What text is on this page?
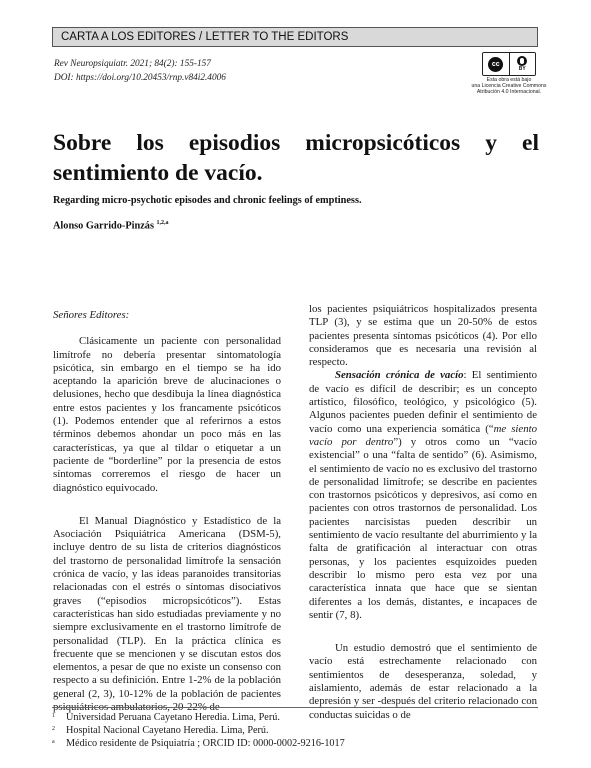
CARTA A LOS EDITORES / LETTER TO THE EDITORS
Rev Neuropsiquiatr. 2021; 84(2): 155-157
DOI: https://doi.org/10.20453/rnp.v84i2.4006
cc
BY
Esta obra está bajo
una Licencia Creative Commons
Atribución 4.0 Internacional.
Sobre los episodios micropsicóticos y el sentimiento de vacío.
Regarding micro-psychotic episodes and chronic feelings of emptiness.
Alonso Garrido-Pinzás $^{1,2,a}$

Señores Editores:

Clásicamente un paciente con personalidad limítrofe no debería presentar sintomatología psicótica, sin embargo en el tiempo se ha ido aceptando la aparición breve de alucinaciones o delusiones, hecho que desdibuja la línea diagnóstica entre estos pacientes y los francamente psicóticos (1). Podemos entender que al referirnos a estos términos debemos ahondar un poco más en las características, ya que al tildar o etiquetar a un paciente de “borderline” por la presencia de estos síntomas correremos el riesgo de hacer un diagnóstico equivocado.

El Manual Diagnóstico y Estadístico de la Asociación Psiquiátrica Americana (DSM-5), incluye dentro de su lista de criterios diagnósticos del trastorno de personalidad limítrofe la sensación crónica de vacío, y las ideas paranoides transitorias relacionadas con el estrés o síntomas disociativos graves (“episodios micropsicóticos”). Estas características han sido estudiadas previamente y no siempre exclusivamente en el trastorno limítrofe de personalidad (TLP). En la práctica clínica es frecuente que se mencionen y se discutan estos dos elementos, a pesar de que no existe un consenso con respecto a su definición. Entre 1-2% de la población general (2, 3), 10-12% de la población de pacientes psiquiátricos ambulatorios, 20-22% de

los pacientes psiquiátricos hospitalizados presenta TLP (3), y se estima que un 20-50% de estos pacientes presenta síntomas psicóticos (4). Por ello consideramos que es necesaria una revisión al respecto.

Sensación crónica de vacío: El sentimiento de vacío es difícil de describir; es un concepto artístico, filosófico, teológico, y psicológico (5). Algunos pacientes pueden definir el sentimiento de vacío como una experiencia somática (“me siento vacío por dentro”) y otros como un “vacío existencial” o una “falta de sentido” (6). Asimismo, el sentimiento de vacío no es exclusivo del trastorno de personalidad limítrofe; se describe en pacientes con trastornos psicóticos y depresivos, así como en pacientes con otros trastornos de personalidad. Los pacientes narcisistas pueden describir un sentimiento de vacío resultante del aburrimiento y la falta de gratificación al interactuar con otras personas, y los pacientes esquizoides pueden describir lo mismo pero esta vez por una característica innata que hace que se sientan diferentes a los demás, distantes, e incapaces de sentir (7, 8).

Un estudio demostró que el sentimiento de vacío está estrechamente relacionado con sentimientos de desesperanza, soledad, y aislamiento, además de estar relacionado a la depresión y ser -después del criterio relacionado con conductas suicidas o de

1	Universidad Peruana Cayetano Heredia. Lima, Perú.
2	Hospital Nacional Cayetano Heredia. Lima, Perú.
a	Médico residente de Psiquiatría ; ORCID ID: 0000-0002-9216-1017
